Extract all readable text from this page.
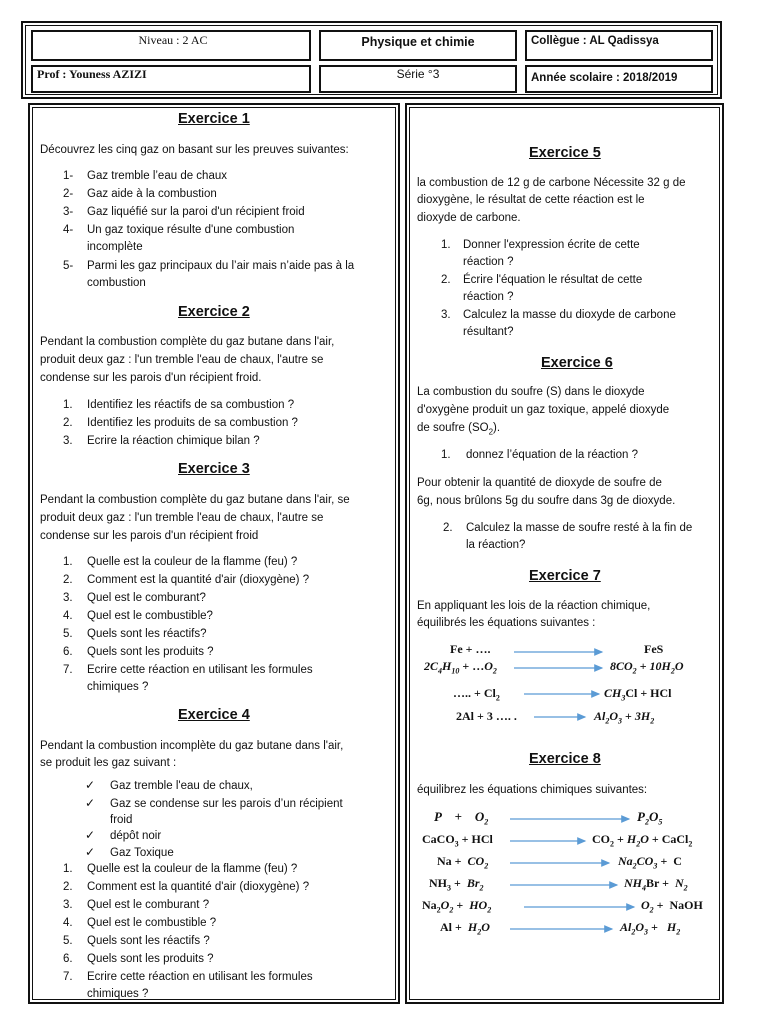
Niveau : 2 AC	Physique et chimie	Collègue : AL Qadissya
Prof : Youness AZIZI	Série °3	Année scolaire : 2018/2019
Exercice 1
Découvrez les cinq gaz on basant sur les preuves suivantes:
1- Gaz tremble l’eau de chaux
2- Gaz aide à la combustion
3- Gaz liquéfié sur la paroi d'un récipient froid
4- Un gaz toxique résulte d'une combustion
incomplète
5- Parmi les gaz principaux du l’air mais n’aide pas à la
combustion
Exercice 2
Pendant la combustion complète du gaz butane dans l'air,
produit deux gaz : l'un tremble l'eau de chaux, l'autre se
condense sur les parois d'un récipient froid.
1. Identifiez les réactifs de sa combustion ?
2. Identifiez les produits de sa combustion ?
3. Ecrire la réaction chimique bilan ?
Exercice 3
Pendant la combustion complète du gaz butane dans l'air, se
produit deux gaz : l'un tremble l'eau de chaux, l'autre se
condense sur les parois d'un récipient froid
1. Quelle est la couleur de la flamme (feu) ?
2. Comment est la quantité d'air (dioxygène) ?
3. Quel est le comburant?
4. Quel est le combustible?
5. Quels sont les réactifs?
6. Quels sont les produits ?
7. Ecrire cette réaction en utilisant les formules
chimiques ?
Exercice 4
Pendant la combustion incomplète du gaz butane dans l'air,
se produit les gaz suivant :
✓ Gaz tremble l'eau de chaux,
✓ Gaz se condense sur les parois d’un récipient
froid
✓ dépôt noir
✓ Gaz Toxique
1. Quelle est la couleur de la flamme (feu) ?
2. Comment est la quantité d'air (dioxygène) ?
3. Quel est le comburant ?
4. Quel est le combustible ?
5. Quels sont les réactifs ?
6. Quels sont les produits ?
7. Ecrire cette réaction en utilisant les formules
chimiques ?
Exercice 5
la combustion de 12 g de carbone Nécessite 32 g de
dioxygène, le résultat de cette réaction est le
dioxyde de carbone.
1. Donner l'expression écrite de cette
réaction ?
2. Écrire l'équation le résultat de cette
réaction ?
3. Calculez la masse du dioxyde de carbone
résultant?
Exercice 6
La combustion du soufre (S) dans le dioxyde
d'oxygène produit un gaz toxique, appelé dioxyde
de soufre $(SO_2)$.
1. donnez l’équation de la réaction ?
Pour obtenir la quantité de dioxyde de soufre de
6g, nous brûlons 5g du soufre dans 3g de dioxyde.
2. Calculez la masse de soufre resté à la fin de
la réaction?
Exercice 7
En appliquant les lois de la réaction chimique,
équilibrés les équations suivantes :
Fe + ….	FeS
$2C_4H_{10}$ + $\dots O_2$	$8CO_2 + 10H_2O$
….. + $Cl_2$	$CH_3Cl$ + HCl
2Al + 3 …. .	$Al_2O_3 + 3H_2$
Exercice 8
équilibrez les équations chimiques suivantes:
P    +    $O_2$	$P_2O_5$
CaCO$_3$ + HCl	$CO_2 + H_2O$ + CaCl$_2$
$Na + CO_2$	$Na_2CO_3 + C$
$NH_3 + Br_2$	$NH_4Br + N_2$
$Na_2O_2 + HO_2$	$O_2$ +  NaOH
$Al + H_2O$	$Al_2O_3 + H_2$
